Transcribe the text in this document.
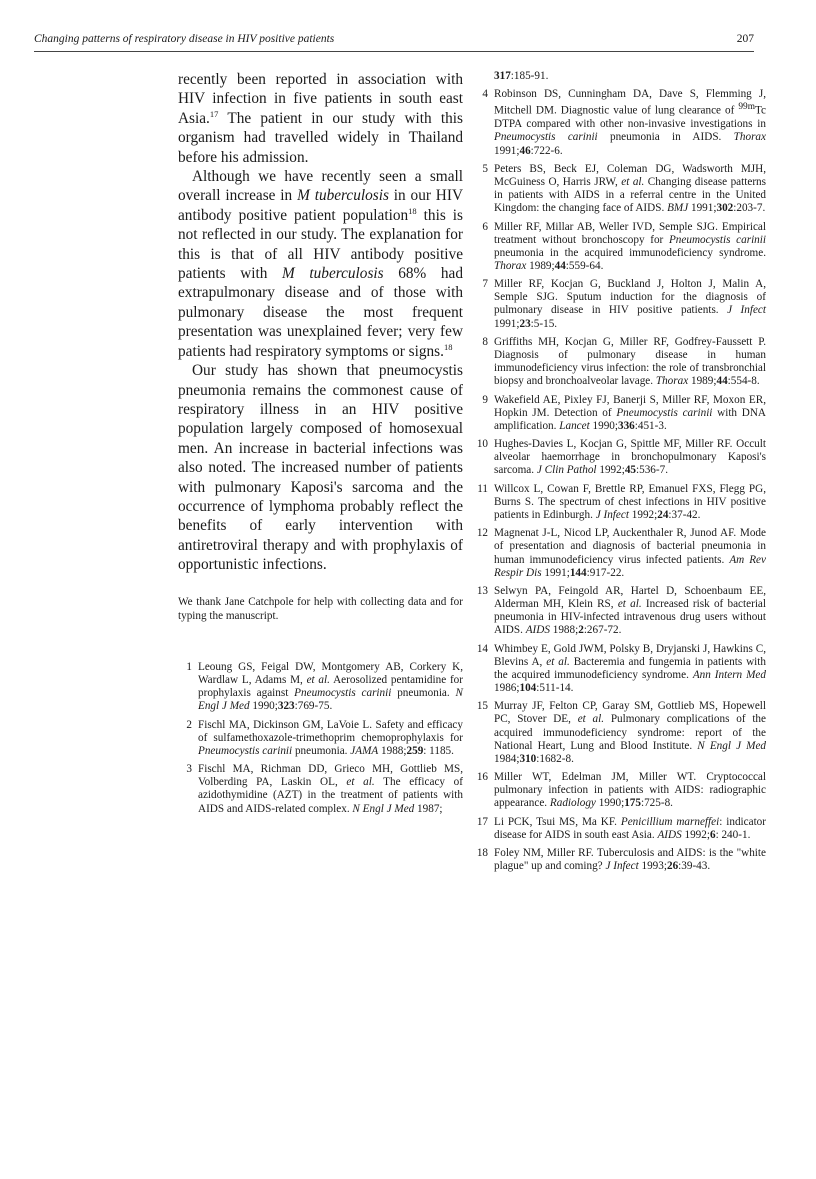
Changing patterns of respiratory disease in HIV positive patients	207

recently been reported in association with HIV infection in five patients in south east Asia.$^{17}$ The patient in our study with this organism had travelled widely in Thailand before his admission.

Although we have recently seen a small overall increase in M tuberculosis in our HIV antibody positive patient population$^{18}$ this is not reflected in our study. The explanation for this is that of all HIV antibody positive patients with M tuberculosis 68% had extrapulmonary disease and of those with pulmonary disease the most frequent presentation was unexplained fever; very few patients had respiratory symptoms or signs.$^{18}$

Our study has shown that pneumocystis pneumonia remains the commonest cause of respiratory illness in an HIV positive population largely composed of homosexual men. An increase in bacterial infections was also noted. The increased number of patients with pulmonary Kaposi's sarcoma and the occurrence of lymphoma probably reflect the benefits of early intervention with antiretroviral therapy and with prophylaxis of opportunistic infections.

We thank Jane Catchpole for help with collecting data and for typing the manuscript.

1 Leoung GS, Feigal DW, Montgomery AB, Corkery K, Wardlaw L, Adams M, et al. Aerosolized pentamidine for prophylaxis against Pneumocystis carinii pneumonia. N Engl J Med 1990;323:769-75.
2 Fischl MA, Dickinson GM, LaVoie L. Safety and efficacy of sulfamethoxazole-trimethoprim chemoprophylaxis for Pneumocystis carinii pneumonia. JAMA 1988;259: 1185.
3 Fischl MA, Richman DD, Grieco MH, Gottlieb MS, Volberding PA, Laskin OL, et al. The efficacy of azidothymidine (AZT) in the treatment of patients with AIDS and AIDS-related complex. N Engl J Med 1987;
317:185-91.
4 Robinson DS, Cunningham DA, Dave S, Flemming J, Mitchell DM. Diagnostic value of lung clearance of $^{99m}$Tc DTPA compared with other non-invasive investigations in Pneumocystis carinii pneumonia in AIDS. Thorax 1991;46:722-6.
5 Peters BS, Beck EJ, Coleman DG, Wadsworth MJH, McGuiness O, Harris JRW, et al. Changing disease patterns in patients with AIDS in a referral centre in the United Kingdom: the changing face of AIDS. BMJ 1991;302:203-7.
6 Miller RF, Millar AB, Weller IVD, Semple SJG. Empirical treatment without bronchoscopy for Pneumocystis carinii pneumonia in the acquired immunodeficiency syndrome. Thorax 1989;44:559-64.
7 Miller RF, Kocjan G, Buckland J, Holton J, Malin A, Semple SJG. Sputum induction for the diagnosis of pulmonary disease in HIV positive patients. J Infect 1991;23:5-15.
8 Griffiths MH, Kocjan G, Miller RF, Godfrey-Faussett P. Diagnosis of pulmonary disease in human immunodeficiency virus infection: the role of transbronchial biopsy and bronchoalveolar lavage. Thorax 1989;44:554-8.
9 Wakefield AE, Pixley FJ, Banerji S, Miller RF, Moxon ER, Hopkin JM. Detection of Pneumocystis carinii with DNA amplification. Lancet 1990;336:451-3.
10 Hughes-Davies L, Kocjan G, Spittle MF, Miller RF. Occult alveolar haemorrhage in bronchopulmonary Kaposi's sarcoma. J Clin Pathol 1992;45:536-7.
11 Willcox L, Cowan F, Brettle RP, Emanuel FXS, Flegg PG, Burns S. The spectrum of chest infections in HIV positive patients in Edinburgh. J Infect 1992;24:37-42.
12 Magnenat J-L, Nicod LP, Auckenthaler R, Junod AF. Mode of presentation and diagnosis of bacterial pneumonia in human immunodeficiency virus infected patients. Am Rev Respir Dis 1991;144:917-22.
13 Selwyn PA, Feingold AR, Hartel D, Schoenbaum EE, Alderman MH, Klein RS, et al. Increased risk of bacterial pneumonia in HIV-infected intravenous drug users without AIDS. AIDS 1988;2:267-72.
14 Whimbey E, Gold JWM, Polsky B, Dryjanski J, Hawkins C, Blevins A, et al. Bacteremia and fungemia in patients with the acquired immunodeficiency syndrome. Ann Intern Med 1986;104:511-14.
15 Murray JF, Felton CP, Garay SM, Gottlieb MS, Hopewell PC, Stover DE, et al. Pulmonary complications of the acquired immunodeficiency syndrome: report of the National Heart, Lung and Blood Institute. N Engl J Med 1984;310:1682-8.
16 Miller WT, Edelman JM, Miller WT. Cryptococcal pulmonary infection in patients with AIDS: radiographic appearance. Radiology 1990;175:725-8.
17 Li PCK, Tsui MS, Ma KF. Penicillium marneffei: indicator disease for AIDS in south east Asia. AIDS 1992;6: 240-1.
18 Foley NM, Miller RF. Tuberculosis and AIDS: is the "white plague" up and coming? J Infect 1993;26:39-43.
